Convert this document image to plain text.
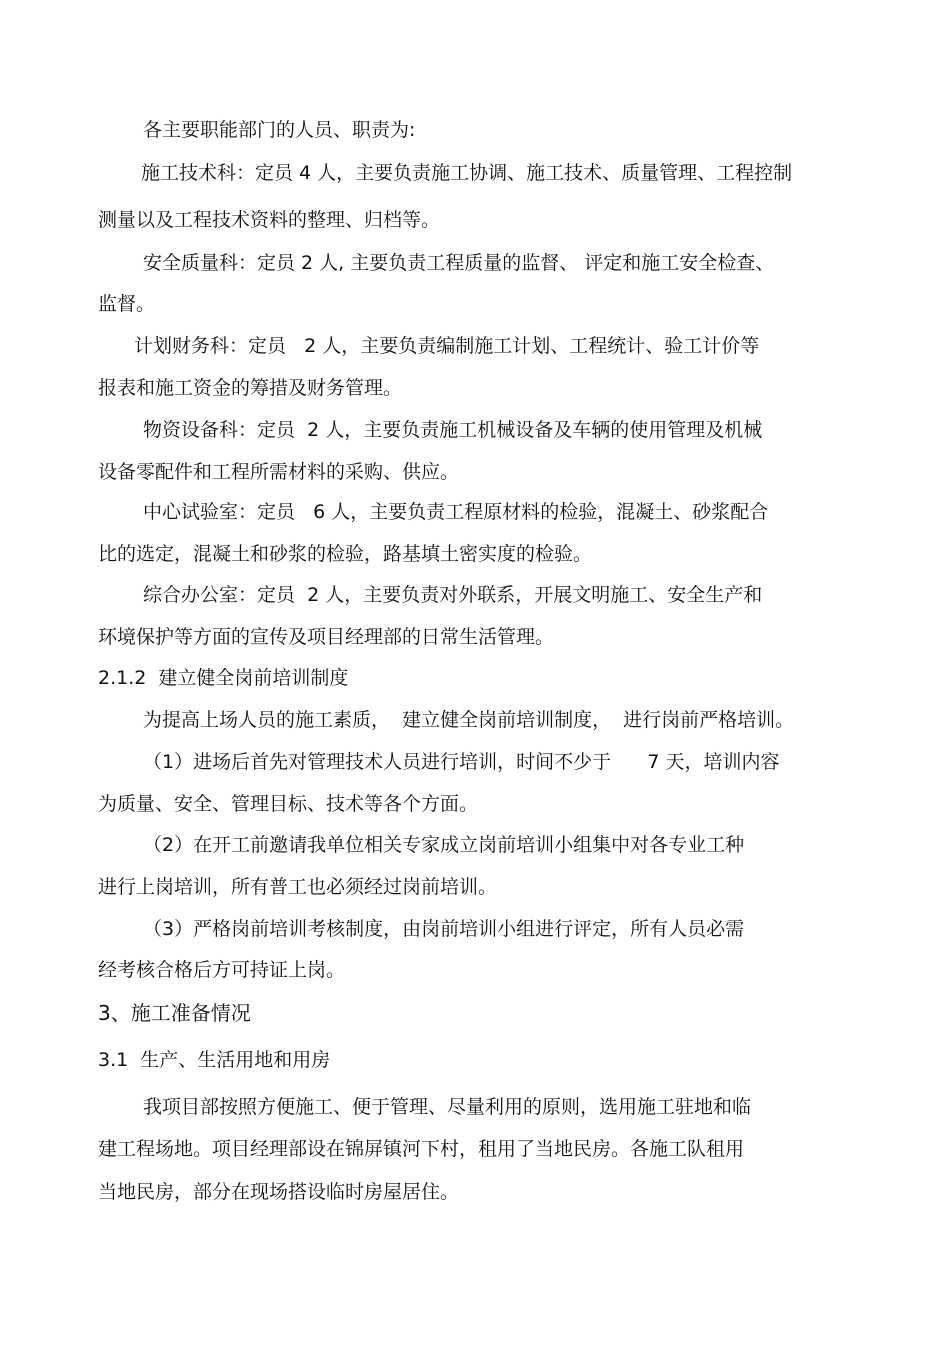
各主要职能部门的人员、职责为:
施工技术科：定员 4 人，主要负责施工协调、施工技术、质量管理、工程控制
测量以及工程技术资料的整理、归档等。
安全质量科：定员 2 人, 主要负责工程质量的监督、 评定和施工安全检查、
监督。
计划财务科：定员   2 人，主要负责编制施工计划、工程统计、验工计价等
报表和施工资金的筹措及财务管理。
物资设备科：定员  2 人，主要负责施工机械设备及车辆的使用管理及机械
设备零配件和工程所需材料的采购、供应。
中心试验室：定员   6 人，主要负责工程原材料的检验，混凝土、砂浆配合
比的选定，混凝土和砂浆的检验，路基填土密实度的检验。
综合办公室：定员  2 人，主要负责对外联系，开展文明施工、安全生产和
环境保护等方面的宣传及项目经理部的日常生活管理。
2.1.2  建立健全岗前培训制度
为提高上场人员的施工素质，  建立健全岗前培训制度，  进行岗前严格培训。
（1）进场后首先对管理技术人员进行培训，时间不少于      7 天，培训内容
为质量、安全、管理目标、技术等各个方面。
（2）在开工前邀请我单位相关专家成立岗前培训小组集中对各专业工种
进行上岗培训，所有普工也必须经过岗前培训。
（3）严格岗前培训考核制度，由岗前培训小组进行评定，所有人员必需
经考核合格后方可持证上岗。
3、施工准备情况
3.1  生产、生活用地和用房
我项目部按照方便施工、便于管理、尽量利用的原则，选用施工驻地和临
建工程场地。项目经理部设在锦屏镇河下村，租用了当地民房。各施工队租用
当地民房，部分在现场搭设临时房屋居住。
